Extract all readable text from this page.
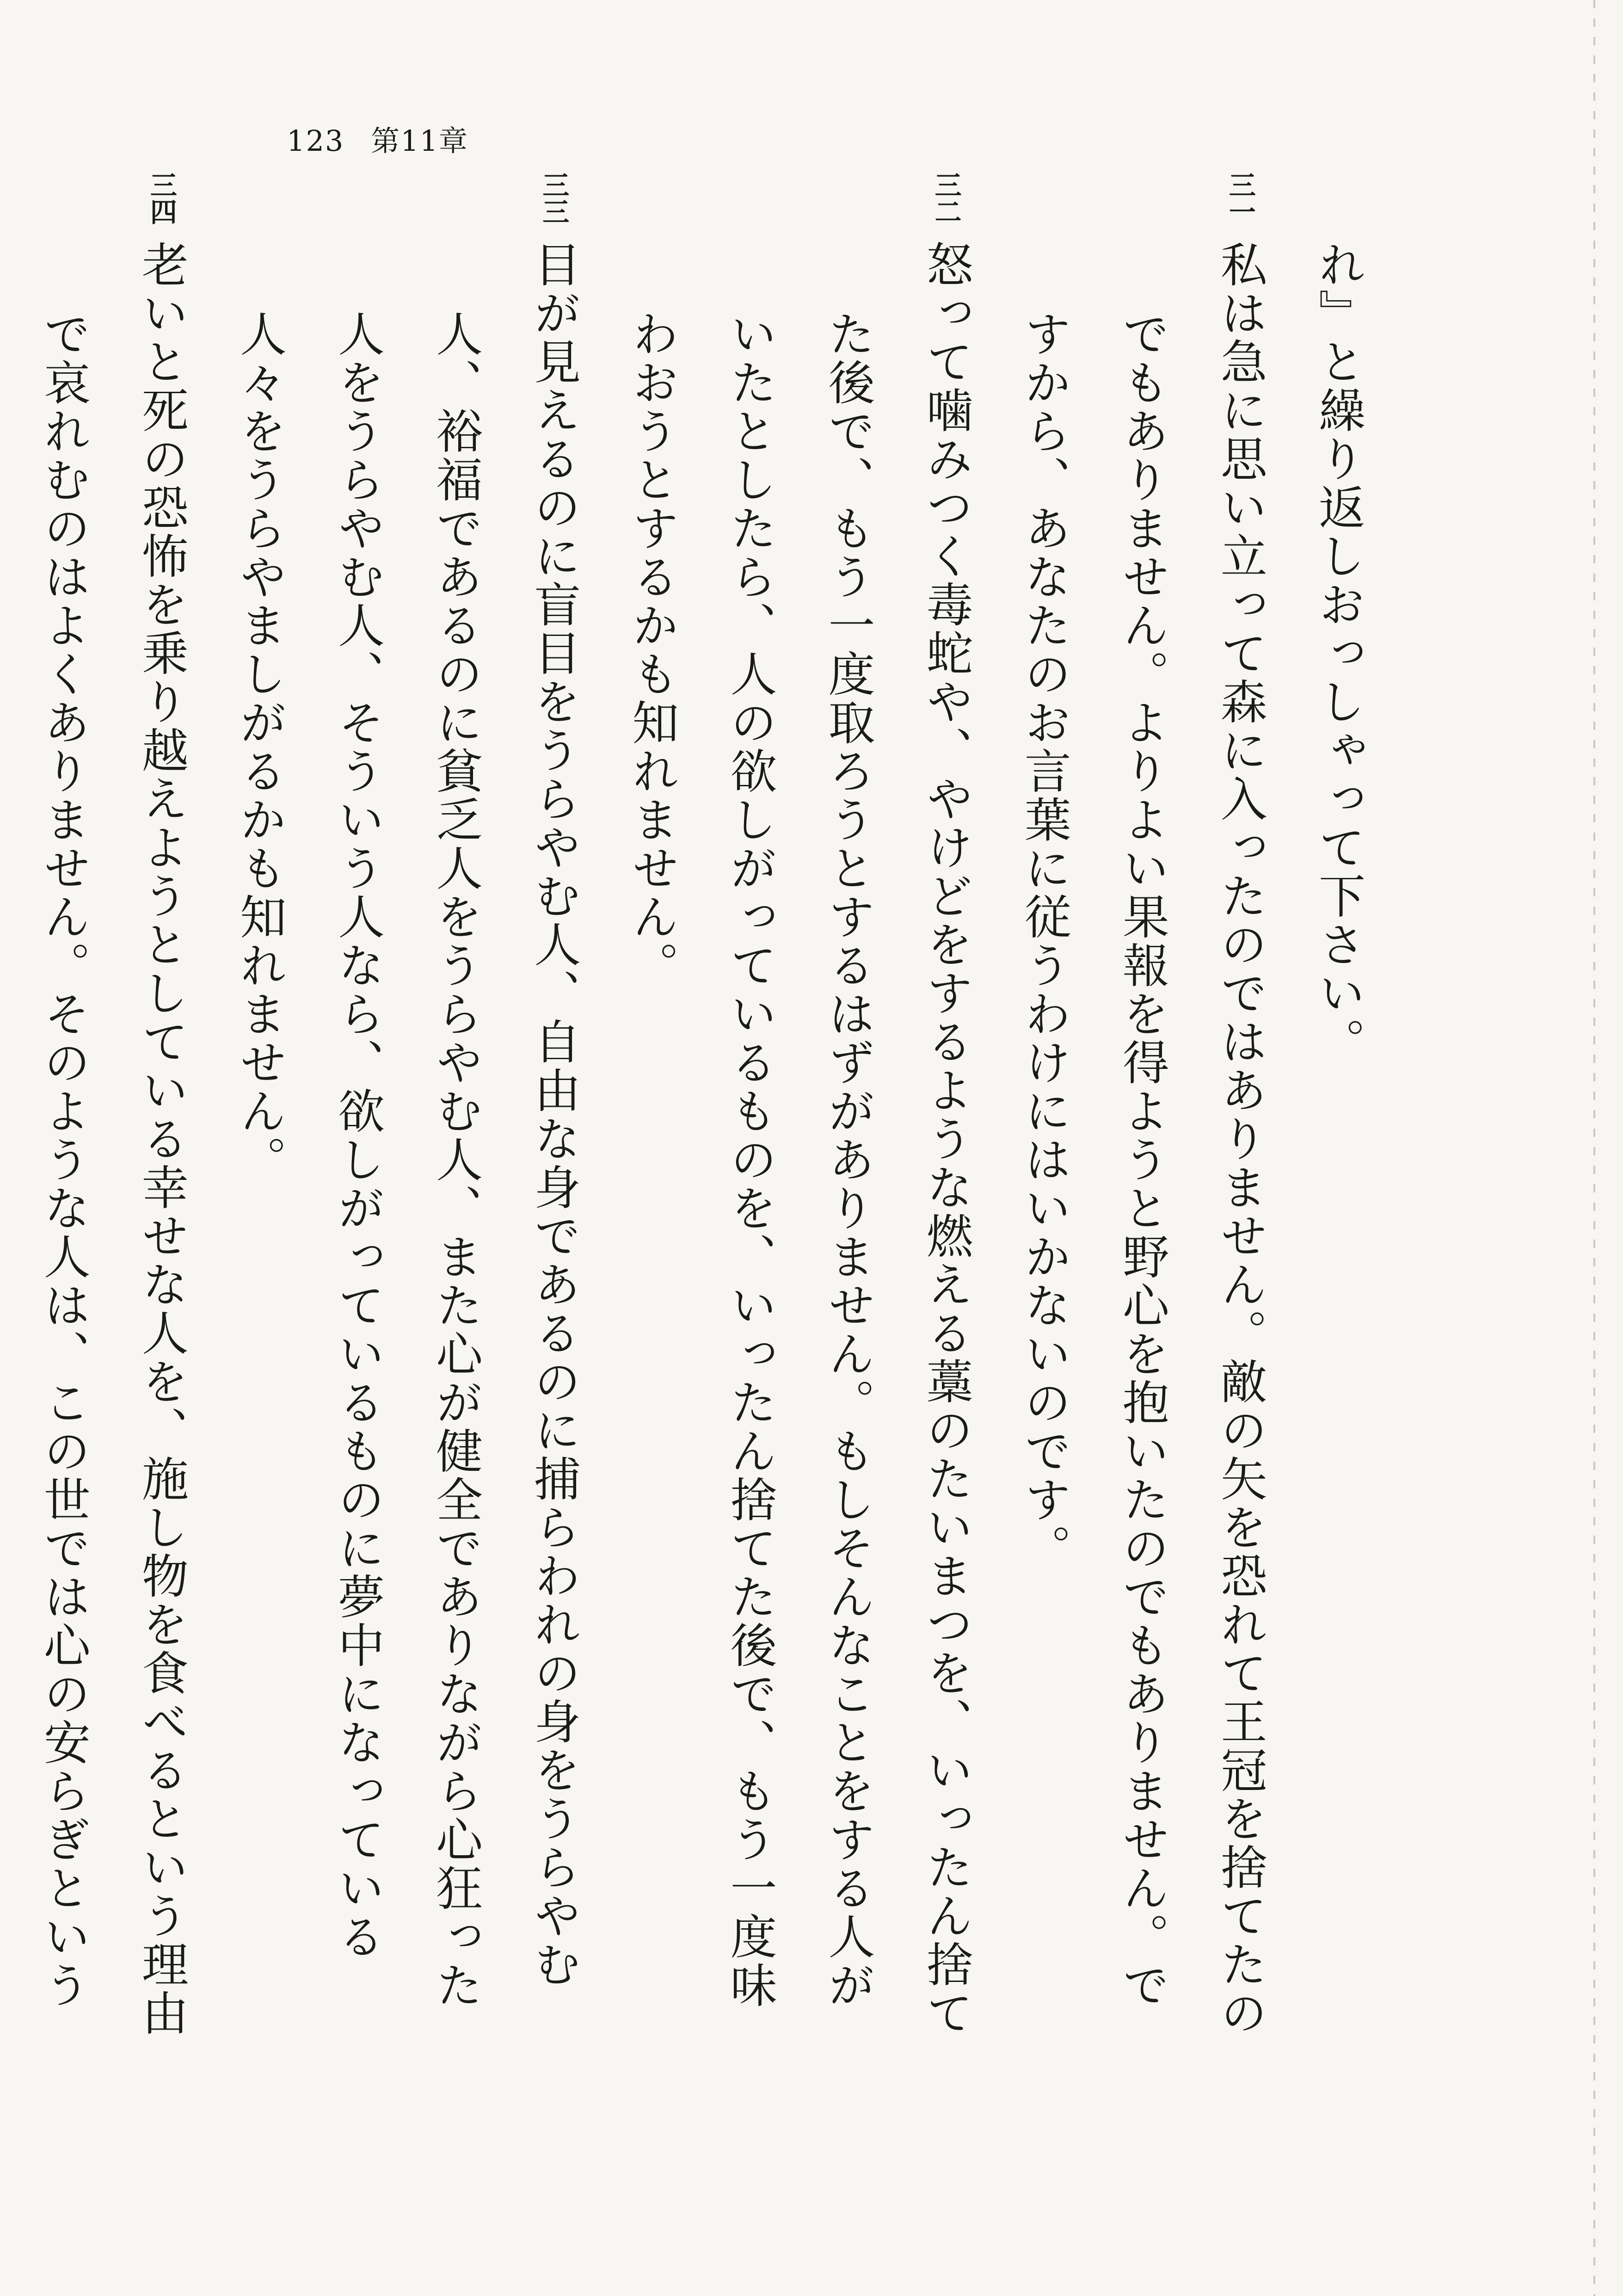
123 第11章

れ』と繰り返しおっしゃって下さい。

三一私は急に思い立って森に入ったのではありません。敵の矢を恐れて王冠を捨てたのでもありません。よりよい果報を得ようと野心を抱いたのでもありません。ですから、あなたのお言葉に従うわけにはいかないのです。

三二怒って噛みつく毒蛇や、やけどをするような燃える藁のたいまつを、いったん捨てた後で、もう一度取ろうとするはずがありません。もしそんなことをする人がいたとしたら、人の欲しがっているものを、いったん捨てた後で、もう一度味わおうとするかも知れません。

三三目が見えるのに盲目をうらやむ人、自由な身であるのに捕らわれの身をうらやむ人、裕福であるのに貧乏人をうらやむ人、また心が健全でありながら心狂った人をうらやむ人、そういう人なら、欲しがっているものに夢中になっている人々をうらやましがるかも知れません。

三四老いと死の恐怖を乗り越えようとしている幸せな人を、施し物を食べるという理由で哀れむのはよくありません。そのような人は、この世では心の安らぎという
